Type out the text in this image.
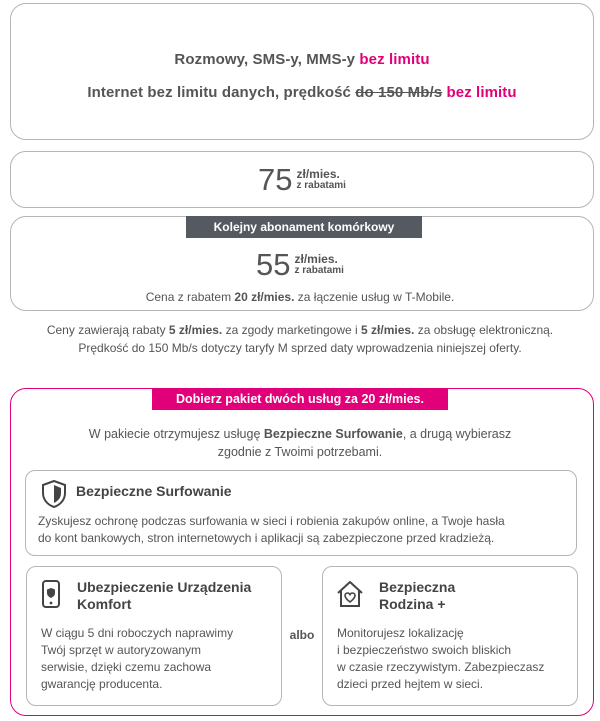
Rozmowy, SMS-y, MMS-y bez limitu
Internet bez limitu danych, prędkość do 150 Mb/s bez limitu
75 zł/mies.
z rabatami
Kolejny abonament komórkowy
55 zł/mies.
z rabatami
Cena z rabatem 20 zł/mies. za łączenie usług w T-Mobile.
Ceny zawierają rabaty 5 zł/mies. za zgody marketingowe i 5 zł/mies. za obsługę elektroniczną.
Prędkość do 150 Mb/s dotyczy taryfy M sprzed daty wprowadzenia niniejszej oferty.
Dobierz pakiet dwóch usług za 20 zł/mies.
W pakiecie otrzymujesz usługę Bezpieczne Surfowanie, a drugą wybierasz
zgodnie z Twoimi potrzebami.
Bezpieczne Surfowanie
Zyskujesz ochronę podczas surfowania w sieci i robienia zakupów online, a Twoje hasła
do kont bankowych, stron internetowych i aplikacji są zabezpieczone przed kradzieżą.
Ubezpieczenie Urządzenia
Komfort
W ciągu 5 dni roboczych naprawimy
Twój sprzęt w autoryzowanym
serwisie, dzięki czemu zachowa
gwarancję producenta.
albo
Bezpieczna
Rodzina +
Monitorujesz lokalizację
i bezpieczeństwo swoich bliskich
w czasie rzeczywistym. Zabezpieczasz
dzieci przed hejtem w sieci.
